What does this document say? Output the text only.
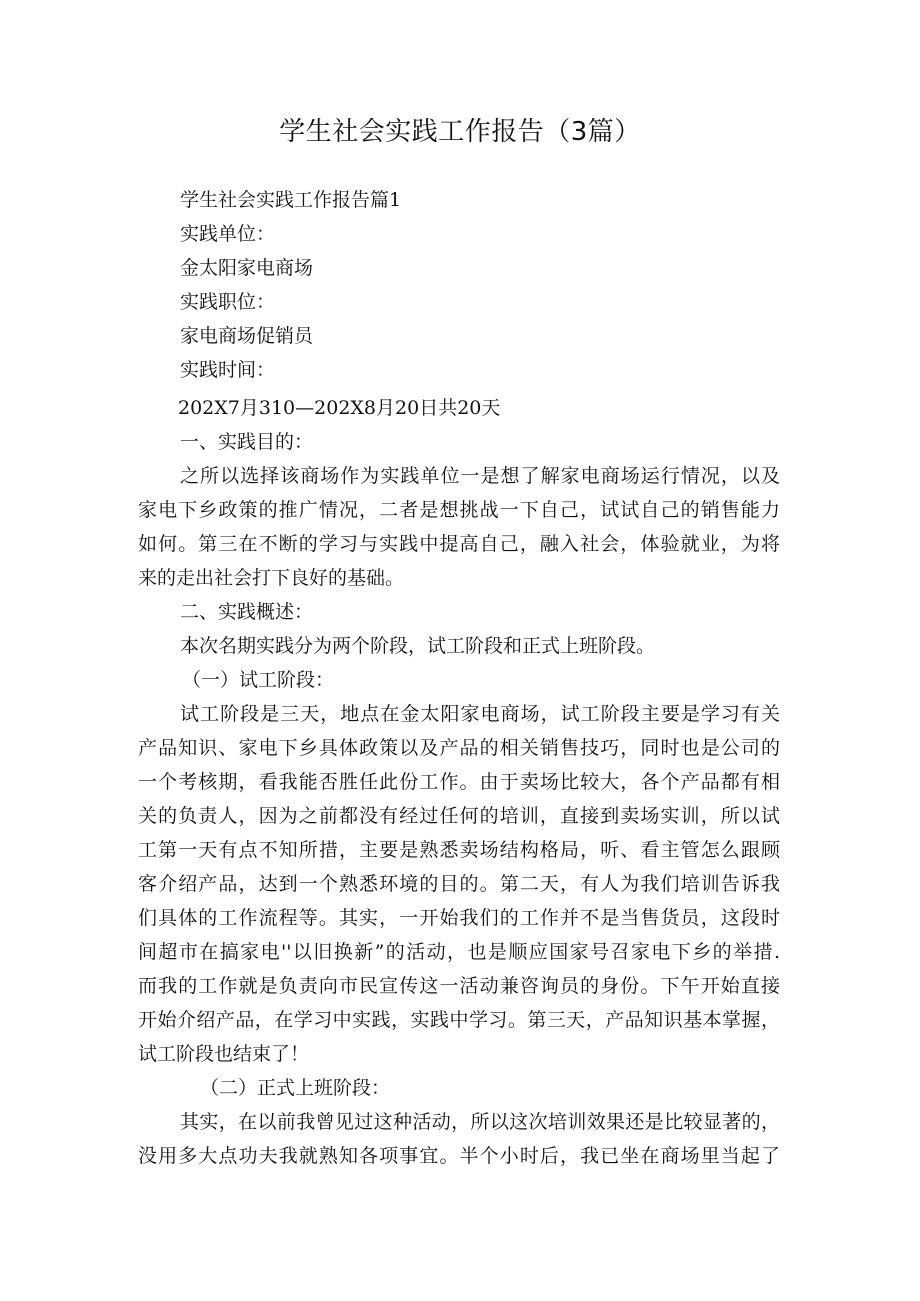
学生社会实践工作报告（3篇）
学生社会实践工作报告篇1
实践单位：
金太阳家电商场
实践职位：
家电商场促销员
实践时间：
202X7月310—202X8月20日共20天
一、实践目的：
之所以选择该商场作为实践单位一是想了解家电商场运行情况，以及
家电下乡政策的推广情况，二者是想挑战一下自己，试试自己的销售能力
如何。第三在不断的学习与实践中提高自己，融入社会，体验就业，为将
来的走出社会打下良好的基础。
二、实践概述：
本次名期实践分为两个阶段，试工阶段和正式上班阶段。
（一）试工阶段：
试工阶段是三天，地点在金太阳家电商场，试工阶段主要是学习有关
产品知识、家电下乡具体政策以及产品的相关销售技巧，同时也是公司的
一个考核期，看我能否胜任此份工作。由于卖场比较大，各个产品都有相
关的负责人，因为之前都没有经过任何的培训，直接到卖场实训，所以试
工第一天有点不知所措，主要是熟悉卖场结构格局，听、看主管怎么跟顾
客介绍产品，达到一个熟悉环境的目的。第二天，有人为我们培训告诉我
们具体的工作流程等。其实，一开始我们的工作并不是当售货员，这段时
间超市在搞家电''以旧换新”的活动，也是顺应国家号召家电下乡的举措.
而我的工作就是负责向市民宣传这一活动兼咨询员的身份。下午开始直接
开始介绍产品，在学习中实践，实践中学习。第三天，产品知识基本掌握，
试工阶段也结束了！
（二）正式上班阶段：
其实，在以前我曾见过这种活动，所以这次培训效果还是比较显著的，
没用多大点功夫我就熟知各项事宜。半个小时后，我已坐在商场里当起了
